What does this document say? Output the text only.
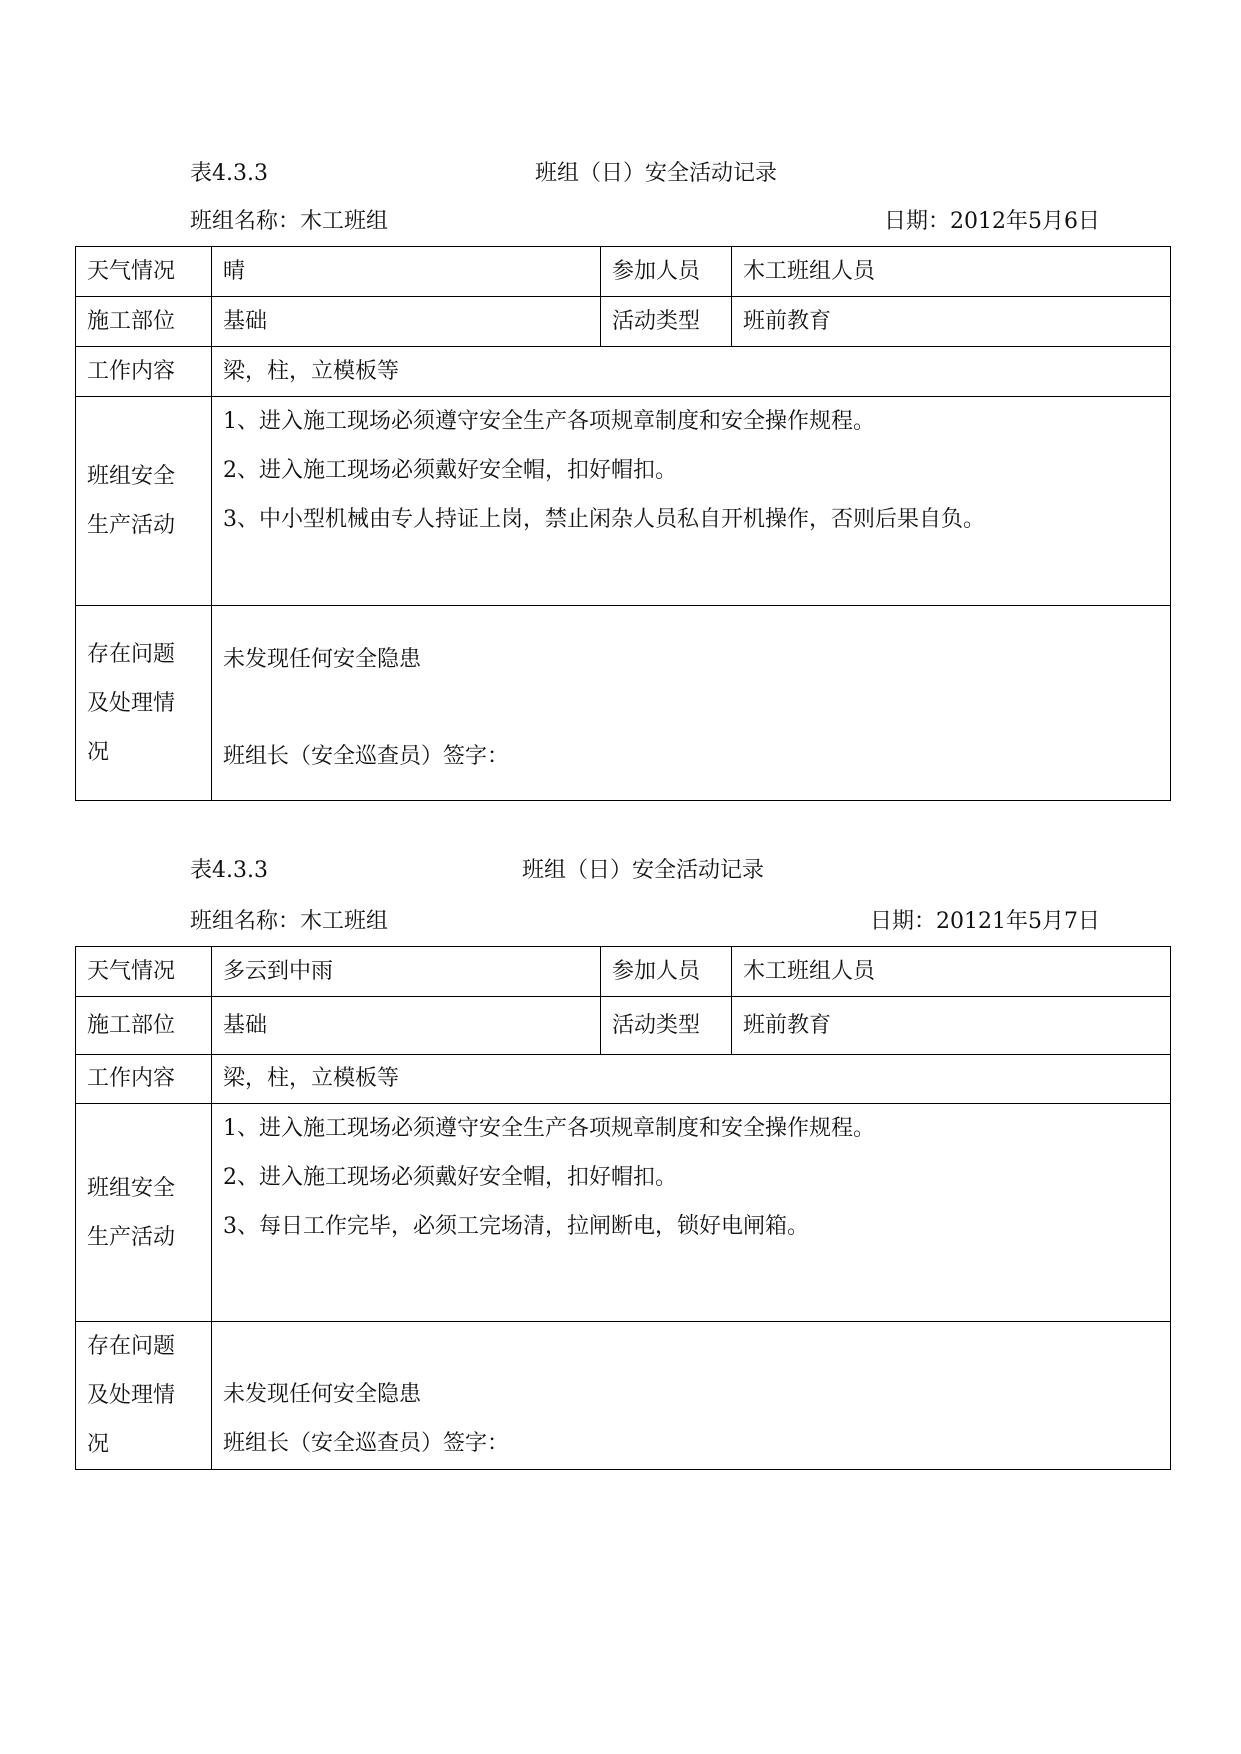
表4.3.3	班组（日）安全活动记录
班组名称：木工班组	日期：2012年5月6日
天气情况	晴	参加人员	木工班组人员
施工部位	基础	活动类型	班前教育
工作内容	梁，柱，立模板等		

班组安全
生产活动	1、进入施工现场必须遵守安全生产各项规章制度和安全操作规程。
2、进入施工现场必须戴好安全帽，扣好帽扣。
3、中小型机械由专人持证上岗，禁止闲杂人员私自开机操作，否则后果自负。		

存在问题
及处理情
况	未发现任何安全隐患
班组长（安全巡查员）签字：		
表4.3.3	班组（日）安全活动记录
班组名称：木工班组	日期：20121年5月7日
天气情况	多云到中雨	参加人员	木工班组人员
施工部位	基础	活动类型	班前教育
工作内容	梁，柱，立模板等		

班组安全
生产活动	1、进入施工现场必须遵守安全生产各项规章制度和安全操作规程。
2、进入施工现场必须戴好安全帽，扣好帽扣。
3、每日工作完毕，必须工完场清，拉闸断电，锁好电闸箱。		

存在问题
及处理情
况	未发现任何安全隐患
班组长（安全巡查员）签字：		
